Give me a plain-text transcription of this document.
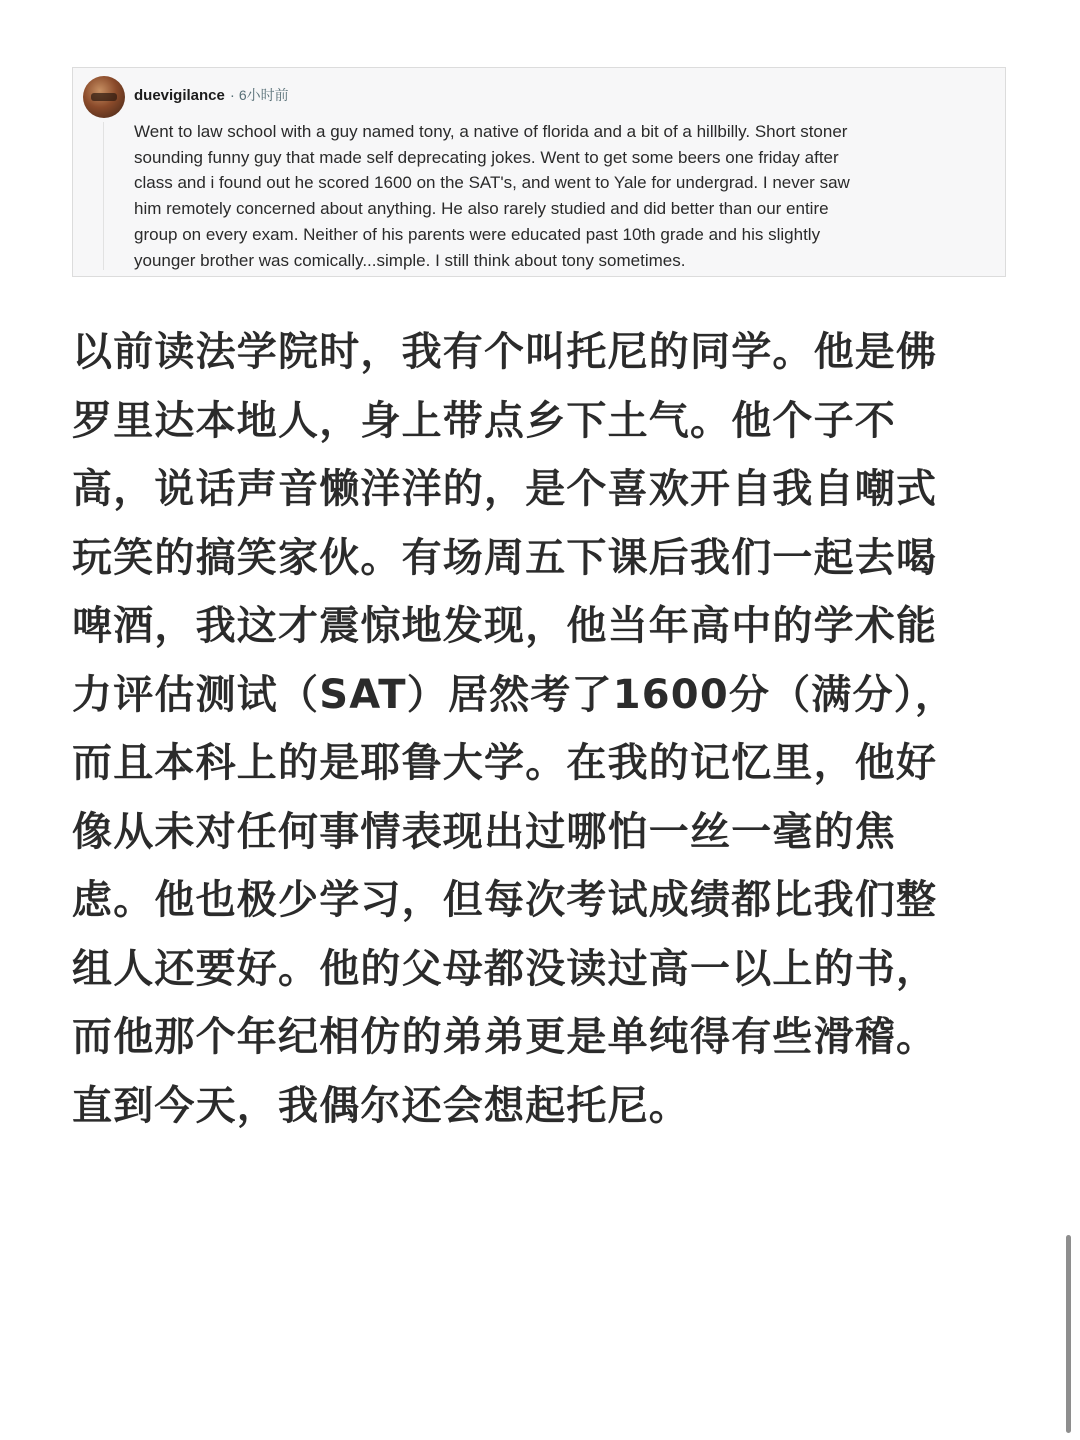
duevigilance · 6小时前
Went to law school with a guy named tony, a native of florida and a bit of a hillbilly. Short stoner
sounding funny guy that made self deprecating jokes. Went to get some beers one friday after
class and i found out he scored 1600 on the SAT's, and went to Yale for undergrad. I never saw
him remotely concerned about anything. He also rarely studied and did better than our entire
group on every exam. Neither of his parents were educated past 10th grade and his slightly
younger brother was comically...simple. I still think about tony sometimes.

以前读法学院时，我有个叫托尼的同学。他是佛
罗里达本地人，身上带点乡下土气。他个子不
高，说话声音懒洋洋的，是个喜欢开自我自嘲式
玩笑的搞笑家伙。有场周五下课后我们一起去喝
啤酒，我这才震惊地发现，他当年高中的学术能
力评估测试（SAT）居然考了1600分（满分），
而且本科上的是耶鲁大学。在我的记忆里，他好
像从未对任何事情表现出过哪怕一丝一毫的焦
虑。他也极少学习，但每次考试成绩都比我们整
组人还要好。他的父母都没读过高一以上的书，
而他那个年纪相仿的弟弟更是单纯得有些滑稽。
直到今天，我偶尔还会想起托尼。
